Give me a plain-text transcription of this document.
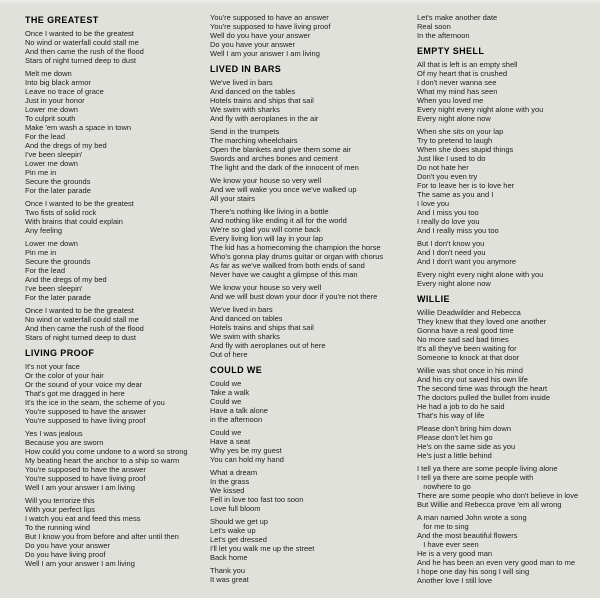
THE GREATEST
Once I wanted to be the greatest
No wind or waterfall could stall me
And then came the rush of the flood
Stars of night turned deep to dust
Melt me down
Into big black armor
Leave no trace of grace
Just in your honor
Lower me down
To culprit south
Make 'em wash a space in town
For the lead
And the dregs of my bed
I've been sleepin'
Lower me down
Pin me in
Secure the grounds
For the later parade
Once I wanted to be the greatest
Two fists of solid rock
With brains that could explain
Any feeling
Lower me down
Pin me in
Secure the grounds
For the lead
And the dregs of my bed
I've been sleepin'
For the later parade
Once I wanted to be the greatest
No wind or waterfall could stall me
And then came the rush of the flood
Stars of night turned deep to dust
LIVING PROOF
It's not your face
Or the color of your hair
Or the sound of your voice my dear
That's got me dragged in here
It's the ice in the seam, the scheme of you
You're supposed to have the answer
You're supposed to have living proof
Yes I was jealous
Because you are sworn
How could you come undone to a word so strong
My beating heart the anchor to a ship so warm
You're supposed to have the answer
You're supposed to have living proof
Well I am your answer I am living
Will you terrorize this
With your perfect lips
I watch you eat and feed this mess
To the running wind
But I know you from before and after until then
Do you have your answer
Do you have living proof
Well I am your answer I am living
You're supposed to have an answer
You're supposed to have living proof
Well do you have your answer
Do you have your answer
Well I am your answer I am living
LIVED IN BARS
We've lived in bars
And danced on the tables
Hotels trains and ships that sail
We swim with sharks
And fly with aeroplanes in the air
Send in the trumpets
The marching wheelchairs
Open the blankets and give them some air
Swords and arches bones and cement
The light and the dark of the innocent of men
We know your house so very well
And we will wake you once we've walked up
All your stairs
There's nothing like living in a bottle
And nothing like ending it all for the world
We're so glad you will come back
Every living lion will lay in your lap
The kid has a homecoming the champion the horse
Who's gonna play drums guitar or organ with chorus
As far as we've walked from both ends of sand
Never have we caught a glimpse of this man
We know your house so very well
And we will bust down your door if you're not there
We've lived in bars
And danced on tables
Hotels trains and ships that sail
We swim with sharks
And fly with aeroplanes out of here
Out of here
COULD WE
Could we
Take a walk
Could we
Have a talk alone
in the afternoon
Could we
Have a seat
Why yes be my guest
You can hold my hand
What a dream
In the grass
We kissed
Fell in love too fast too soon
Love full bloom
Should we get up
Let's wake up
Let's get dressed
I'll let you walk me up the street
Back home
Thank you
It was great
Let's make another date
Real soon
In the afternoon
EMPTY SHELL
All that is left is an empty shell
Of my heart that is crushed
I don't never wanna see
What my mind has seen
When you loved me
Every night every night alone with you
Every night alone now
When she sits on your lap
Try to pretend to laugh
When she does stupid things
Just like I used to do
Do not hate her
Don't you even try
For to leave her is to love her
The same as you and I
I love you
And I miss you too
I really do love you
And I really miss you too
But I don't know you
And I don't need you
And I don't want you anymore
Every night every night alone with you
Every night alone now
WILLIE
Willie Deadwilder and Rebecca
They knew that they loved one another
Gonna have a real good time
No more sad sad bad times
It's all they've been waiting for
Someone to knock at that door
Willie was shot once in his mind
And his cry out saved his own life
The second time was through the heart
The doctors pulled the bullet from inside
He had a job to do he said
That's his way of life
Please don't bring him down
Please don't let him go
He's on the same side as you
He's just a little behind
I tell ya there are some people living alone
I tell ya there are some people with
nowhere to go
There are some people who don't believe in love
But Willie and Rebecca prove 'em all wrong
A man named John wrote a song
for me to sing
And the most beautiful flowers
I have ever seen
He is a very good man
And he has been an even very good man to me
I hope one day his song I will sing
Another love I still love
